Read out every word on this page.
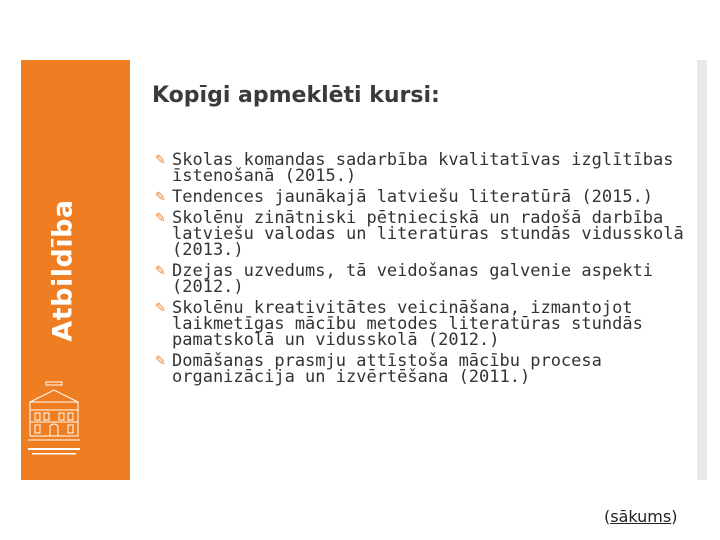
Atbildība
Kopīgi apmeklēti kursi:
✎ Skolas komandas sadarbība kvalitatīvas izglītības īstenošanā (2015.)
✎ Tendences jaunākajā latviešu literatūrā (2015.)
✎ Skolēnu zinātniski pētnieciskā un radošā darbība latviešu valodas un literatūras stundās vidusskolā (2013.)
✎ Dzejas uzvedums, tā veidošanas galvenie aspekti (2012.)
✎ Skolēnu kreativitātes veicināšana, izmantojot laikmetīgas mācību metodes literatūras stundās pamatskolā un vidusskolā (2012.)
✎ Domāšanas prasmju attīstoša mācību procesa organizācija un izvērtēšana (2011.)
(sākums)
